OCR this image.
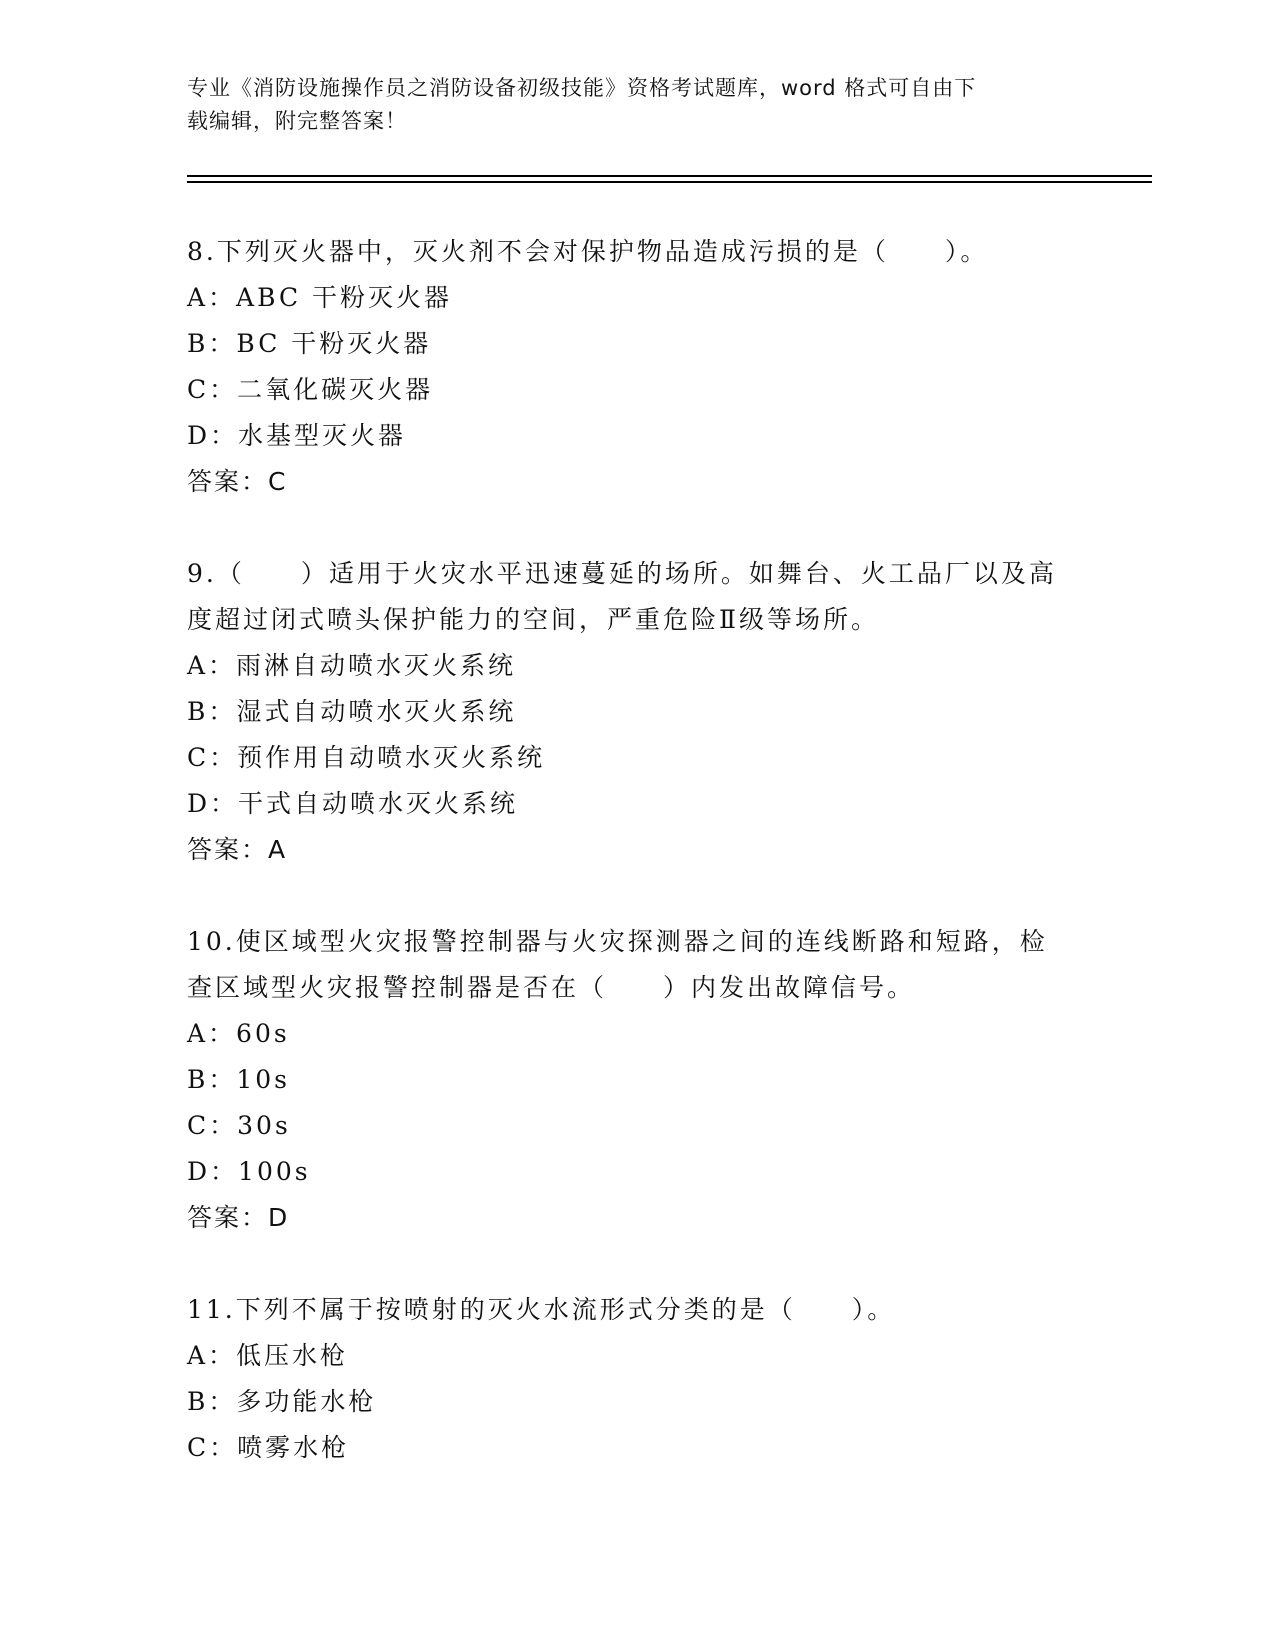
专业《消防设施操作员之消防设备初级技能》资格考试题库，word 格式可自由下
载编辑，附完整答案！
8.下列灭火器中，灭火剂不会对保护物品造成污损的是（　　）。
A：ABC 干粉灭火器
B：BC 干粉灭火器
C：二氧化碳灭火器
D：水基型灭火器
答案：C
9.（　　）适用于火灾水平迅速蔓延的场所。如舞台、火工品厂以及高
度超过闭式喷头保护能力的空间，严重危险Ⅱ级等场所。
A：雨淋自动喷水灭火系统
B：湿式自动喷水灭火系统
C：预作用自动喷水灭火系统
D：干式自动喷水灭火系统
答案：A
10.使区域型火灾报警控制器与火灾探测器之间的连线断路和短路，检
查区域型火灾报警控制器是否在（　　）内发出故障信号。
A：60s
B：10s
C：30s
D：100s
答案：D
11.下列不属于按喷射的灭火水流形式分类的是（　　）。
A：低压水枪
B：多功能水枪
C：喷雾水枪
